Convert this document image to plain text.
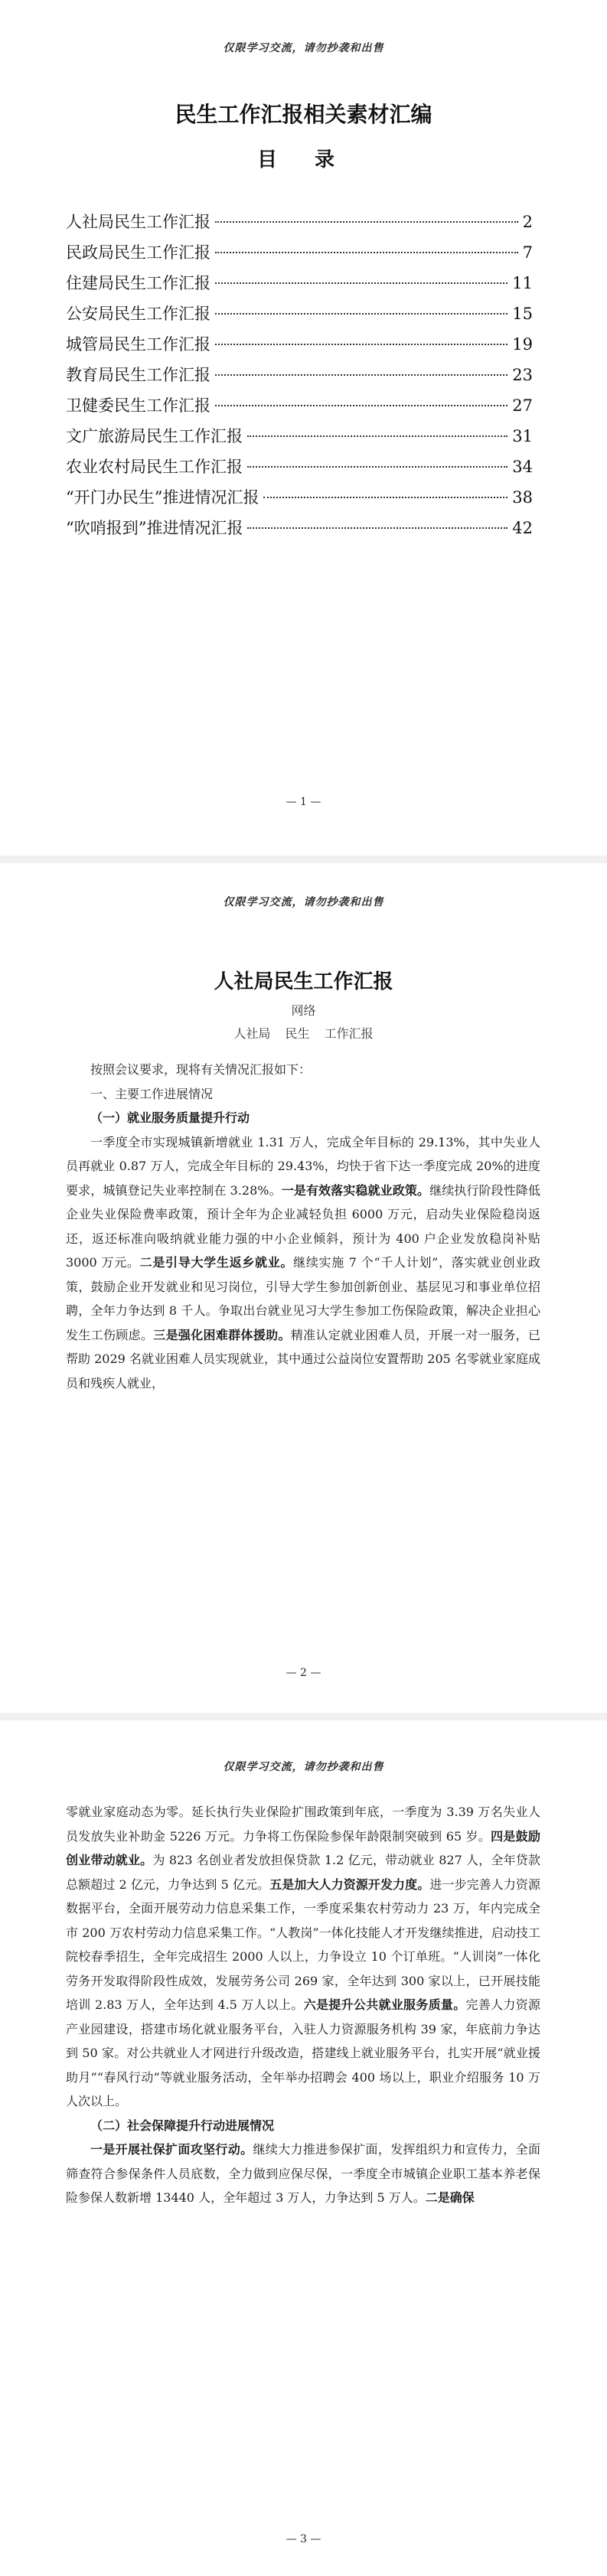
仅限学习交流，请勿抄袭和出售
民生工作汇报相关素材汇编
目 录
人社局民生工作汇报	2
民政局民生工作汇报	7
住建局民生工作汇报	11
公安局民生工作汇报	15
城管局民生工作汇报	19
教育局民生工作汇报	23
卫健委民生工作汇报	27
文广旅游局民生工作汇报	31
农业农村局民生工作汇报	34
“开门办民生”推进情况汇报	38
“吹哨报到”推进情况汇报	42
— 1 —
仅限学习交流，请勿抄袭和出售
人社局民生工作汇报
网络
人社局 民生 工作汇报

按照会议要求，现将有关情况汇报如下：

一、主要工作进展情况

（一）就业服务质量提升行动

一季度全市实现城镇新增就业 1.31 万人，完成全年目标的 29.13%，其中失业人员再就业 0.87 万人，完成全年目标的 29.43%，均快于省下达一季度完成 20%的进度要求，城镇登记失业率控制在 3.28%。一是有效落实稳就业政策。继续执行阶段性降低企业失业保险费率政策，预计全年为企业减轻负担 6000 万元，启动失业保险稳岗返还，返还标准向吸纳就业能力强的中小企业倾斜，预计为 400 户企业发放稳岗补贴 3000 万元。二是引导大学生返乡就业。继续实施 7 个“千人计划”，落实就业创业政策，鼓励企业开发就业和见习岗位，引导大学生参加创新创业、基层见习和事业单位招聘，全年力争达到 8 千人。争取出台就业见习大学生参加工伤保险政策，解决企业担心发生工伤顾虑。三是强化困难群体援助。精准认定就业困难人员，开展一对一服务，已帮助 2029 名就业困难人员实现就业，其中通过公益岗位安置帮助 205 名零就业家庭成员和残疾人就业，

— 2 —
仅限学习交流，请勿抄袭和出售

零就业家庭动态为零。延长执行失业保险扩围政策到年底，一季度为 3.39 万名失业人员发放失业补助金 5226 万元。力争将工伤保险参保年龄限制突破到 65 岁。四是鼓励创业带动就业。为 823 名创业者发放担保贷款 1.2 亿元，带动就业 827 人，全年贷款总额超过 2 亿元，力争达到 5 亿元。五是加大人力资源开发力度。进一步完善人力资源数据平台，全面开展劳动力信息采集工作，一季度采集农村劳动力 23 万，年内完成全市 200 万农村劳动力信息采集工作。“人教岗”一体化技能人才开发继续推进，启动技工院校春季招生，全年完成招生 2000 人以上，力争设立 10 个订单班。“人训岗”一体化劳务开发取得阶段性成效，发展劳务公司 269 家，全年达到 300 家以上，已开展技能培训 2.83 万人，全年达到 4.5 万人以上。六是提升公共就业服务质量。完善人力资源产业园建设，搭建市场化就业服务平台，入驻人力资源服务机构 39 家，年底前力争达到 50 家。对公共就业人才网进行升级改造，搭建线上就业服务平台，扎实开展“就业援助月”“春风行动”等就业服务活动，全年举办招聘会 400 场以上，职业介绍服务 10 万人次以上。

（二）社会保障提升行动进展情况

一是开展社保扩面攻坚行动。继续大力推进参保扩面，发挥组织力和宣传力，全面筛查符合参保条件人员底数，全力做到应保尽保，一季度全市城镇企业职工基本养老保险参保人数新增 13440 人，全年超过 3 万人，力争达到 5 万人。二是确保

— 3 —
